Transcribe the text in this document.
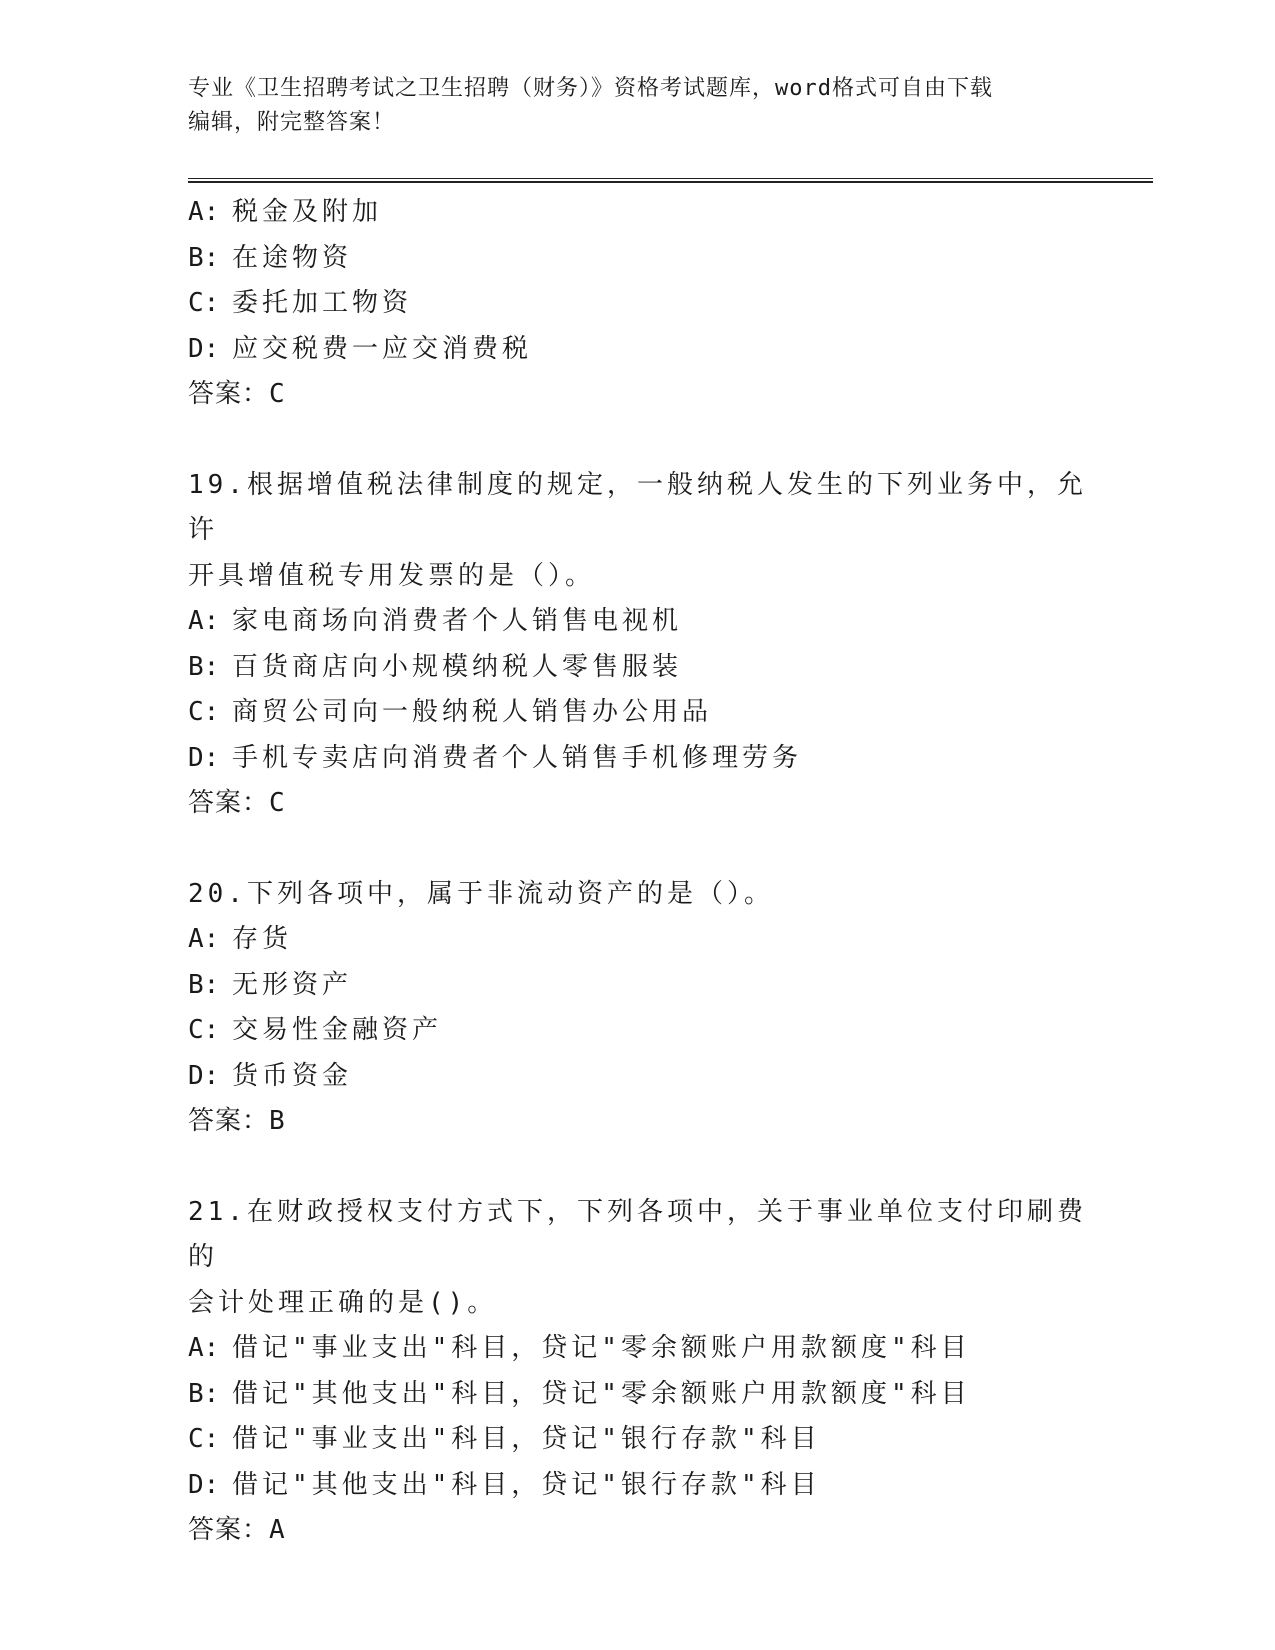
专业《卫生招聘考试之卫生招聘（财务）》资格考试题库，word格式可自由下载
编辑，附完整答案！
A: 税金及附加
B: 在途物资
C: 委托加工物资
D: 应交税费一应交消费税
答案：C
19.根据增值税法律制度的规定，一般纳税人发生的下列业务中，允许
开具增值税专用发票的是（）。
A: 家电商场向消费者个人销售电视机
B: 百货商店向小规模纳税人零售服装
C: 商贸公司向一般纳税人销售办公用品
D: 手机专卖店向消费者个人销售手机修理劳务
答案：C
20.下列各项中，属于非流动资产的是（）。
A: 存货
B: 无形资产
C: 交易性金融资产
D: 货币资金
答案：B
21.在财政授权支付方式下，下列各项中，关于事业单位支付印刷费的
会计处理正确的是()。
A: 借记"事业支出"科目，贷记"零余额账户用款额度"科目
B: 借记"其他支出"科目，贷记"零余额账户用款额度"科目
C: 借记"事业支出"科目，贷记"银行存款"科目
D: 借记"其他支出"科目，贷记"银行存款"科目
答案：A
